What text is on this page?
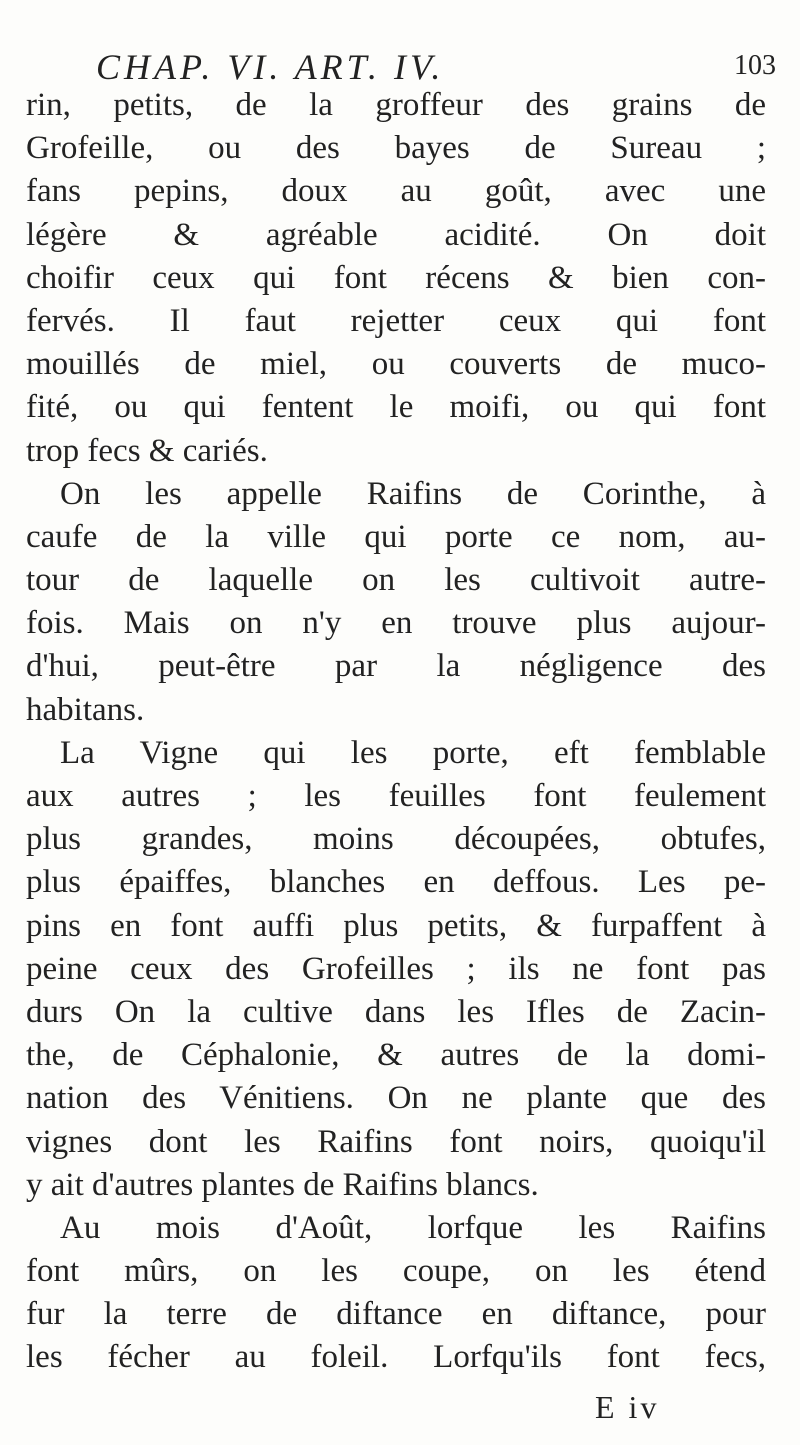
CHAP. VI. ART. IV.	103
rin, petits, de la groffeur des grains de
Grofeille, ou des bayes de Sureau ;
fans pepins, doux au goût, avec une
légère & agréable acidité. On doit
choifir ceux qui font récens & bien con-
fervés. Il faut rejetter ceux qui font
mouillés de miel, ou couverts de muco-
fité, ou qui fentent le moifi, ou qui font
trop fecs & cariés.
On les appelle Raifins de Corinthe, à
caufe de la ville qui porte ce nom, au-
tour de laquelle on les cultivoit autre-
fois. Mais on n'y en trouve plus aujour-
d'hui, peut-être par la négligence des
habitans.
La Vigne qui les porte, eft femblable
aux autres ; les feuilles font feulement
plus grandes, moins découpées, obtufes,
plus épaiffes, blanches en deffous. Les pe-
pins en font auffi plus petits, & furpaffent à
peine ceux des Grofeilles ; ils ne font pas
durs On la cultive dans les Ifles de Zacin-
the, de Céphalonie, & autres de la domi-
nation des Vénitiens. On ne plante que des
vignes dont les Raifins font noirs, quoiqu'il
y ait d'autres plantes de Raifins blancs.
Au mois d'Août, lorfque les Raifins
font mûrs, on les coupe, on les étend
fur la terre de diftance en diftance, pour
les fécher au foleil. Lorfqu'ils font fecs,
E iv
